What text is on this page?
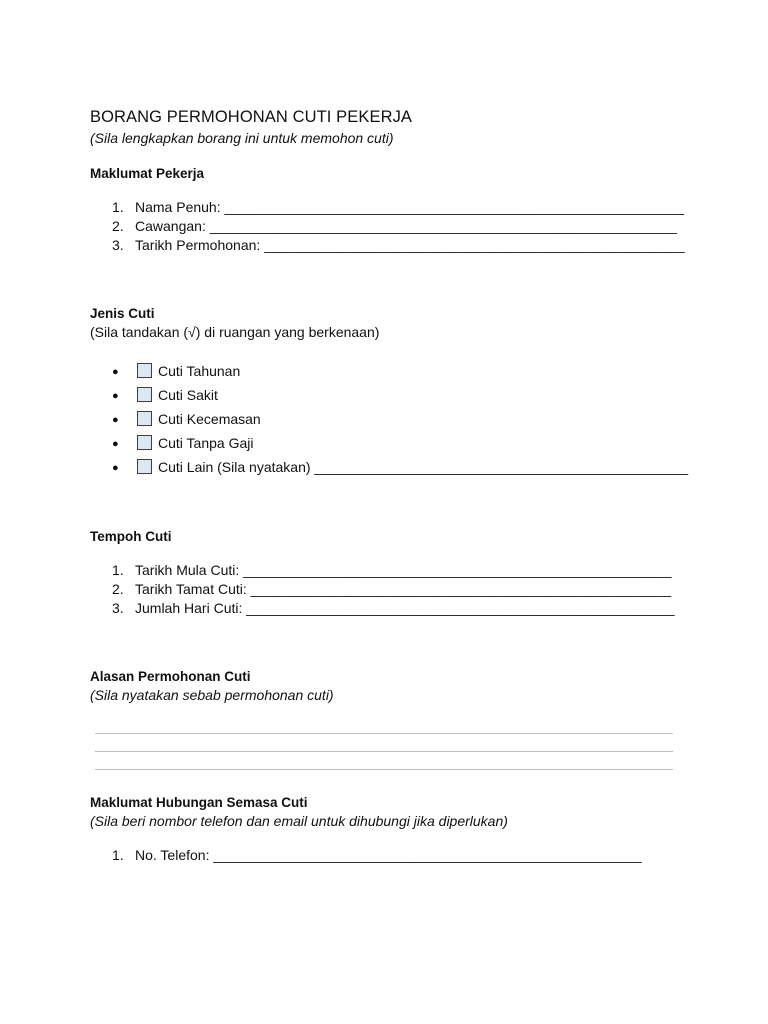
BORANG PERMOHONAN CUTI PEKERJA
(Sila lengkapkan borang ini untuk memohon cuti)
Maklumat Pekerja
1. Nama Penuh: ___________________________________________________________
2. Cawangan: ____________________________________________________________
3. Tarikh Permohonan: ______________________________________________________
Jenis Cuti
(Sila tandakan (√) di ruangan yang berkenaan)
●	Cuti Tahunan
●	Cuti Sakit
●	Cuti Kecemasan
●	Cuti Tanpa Gaji
●	Cuti Lain (Sila nyatakan) ________________________________________________
Tempoh Cuti
1. Tarikh Mula Cuti: _______________________________________________________
2. Tarikh Tamat Cuti: ______________________________________________________
3. Jumlah Hari Cuti: _______________________________________________________
Alasan Permohonan Cuti
(Sila nyatakan sebab permohonan cuti)
Maklumat Hubungan Semasa Cuti
(Sila beri nombor telefon dan email untuk dihubungi jika diperlukan)
1. No. Telefon: _______________________________________________________
